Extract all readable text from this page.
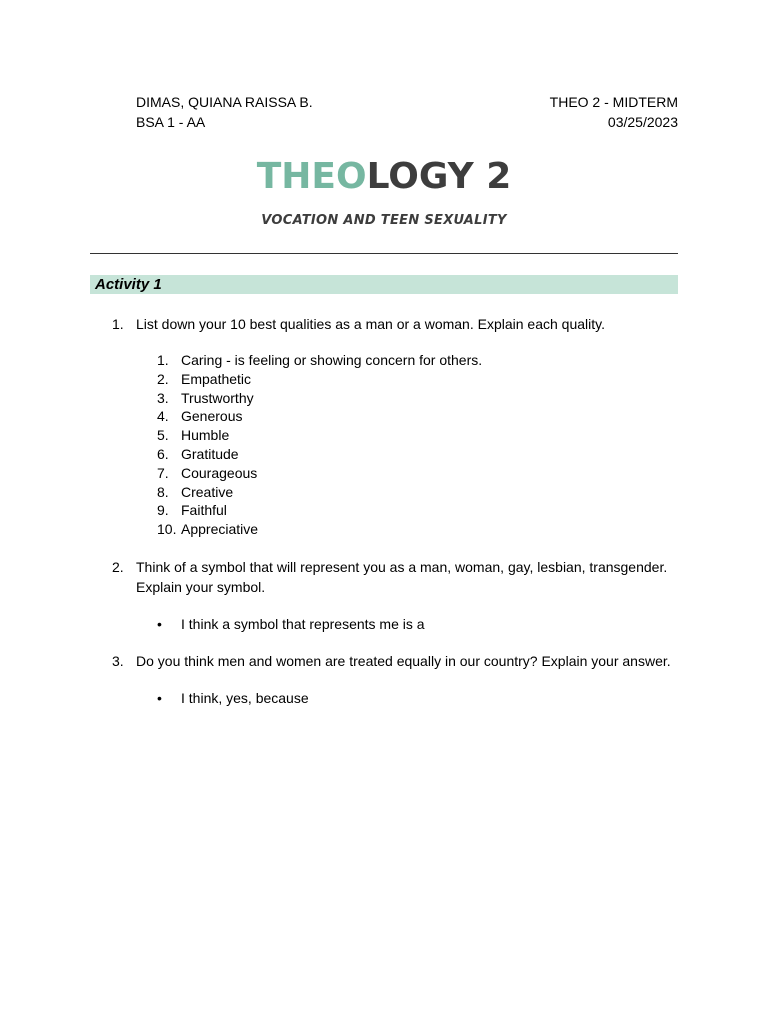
DIMAS, QUIANA RAISSA B.
BSA 1 - AA
THEO 2 - MIDTERM
03/25/2023
THEOLOGY 2
VOCATION AND TEEN SEXUALITY
Activity 1
1. List down your 10 best qualities as a man or a woman. Explain each quality.
1. Caring - is feeling or showing concern for others.
2. Empathetic
3. Trustworthy
4. Generous
5. Humble
6. Gratitude
7. Courageous
8. Creative
9. Faithful
10. Appreciative
2. Think of a symbol that will represent you as a man, woman, gay, lesbian, transgender. Explain your symbol.
• I think a symbol that represents me is a
3. Do you think men and women are treated equally in our country? Explain your answer.
• I think, yes, because
